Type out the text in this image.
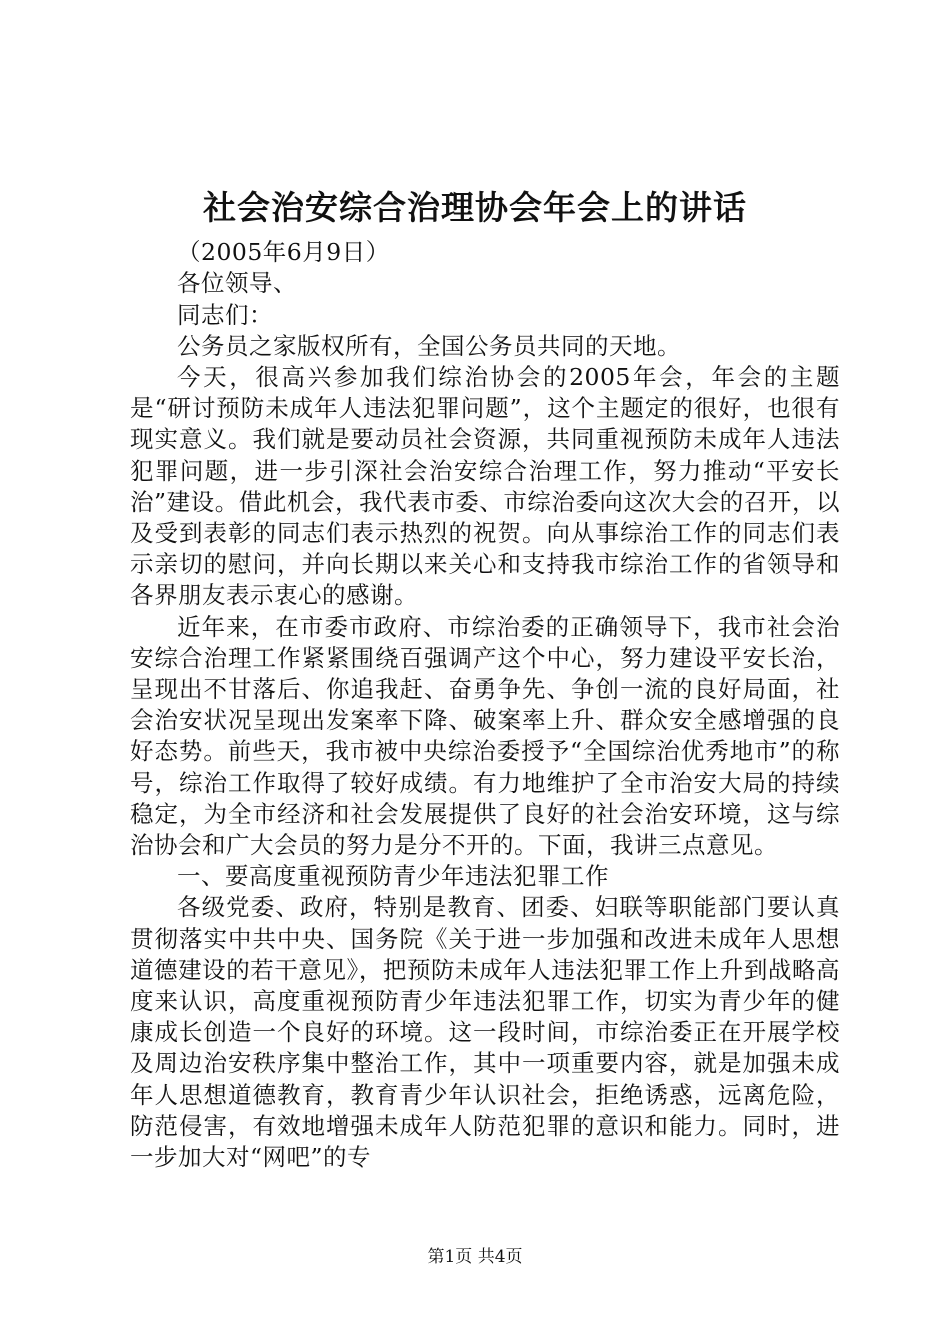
社会治安综合治理协会年会上的讲话

（2005年6月9日）

各位领导、

同志们：

公务员之家版权所有，全国公务员共同的天地。

今天，很高兴参加我们综治协会的2005年会，年会的主题是“研讨预防未成年人违法犯罪问题”，这个主题定的很好，也很有现实意义。我们就是要动员社会资源，共同重视预防未成年人违法犯罪问题，进一步引深社会治安综合治理工作，努力推动“平安长治”建设。借此机会，我代表市委、市综治委向这次大会的召开，以及受到表彰的同志们表示热烈的祝贺。向从事综治工作的同志们表示亲切的慰问，并向长期以来关心和支持我市综治工作的省领导和各界朋友表示衷心的感谢。

近年来，在市委市政府、市综治委的正确领导下，我市社会治安综合治理工作紧紧围绕百强调产这个中心，努力建设平安长治，呈现出不甘落后、你追我赶、奋勇争先、争创一流的良好局面，社会治安状况呈现出发案率下降、破案率上升、群众安全感增强的良好态势。前些天，我市被中央综治委授予“全国综治优秀地市”的称号，综治工作取得了较好成绩。有力地维护了全市治安大局的持续稳定，为全市经济和社会发展提供了良好的社会治安环境，这与综治协会和广大会员的努力是分不开的。下面，我讲三点意见。

一、要高度重视预防青少年违法犯罪工作

各级党委、政府，特别是教育、团委、妇联等职能部门要认真贯彻落实中共中央、国务院《关于进一步加强和改进未成年人思想道德建设的若干意见》，把预防未成年人违法犯罪工作上升到战略高度来认识，高度重视预防青少年违法犯罪工作，切实为青少年的健康成长创造一个良好的环境。这一段时间，市综治委正在开展学校及周边治安秩序集中整治工作，其中一项重要内容，就是加强未成年人思想道德教育，教育青少年认识社会，拒绝诱惑，远离危险，防范侵害，有效地增强未成年人防范犯罪的意识和能力。同时，进一步加大对“网吧”的专

第1页 共4页
